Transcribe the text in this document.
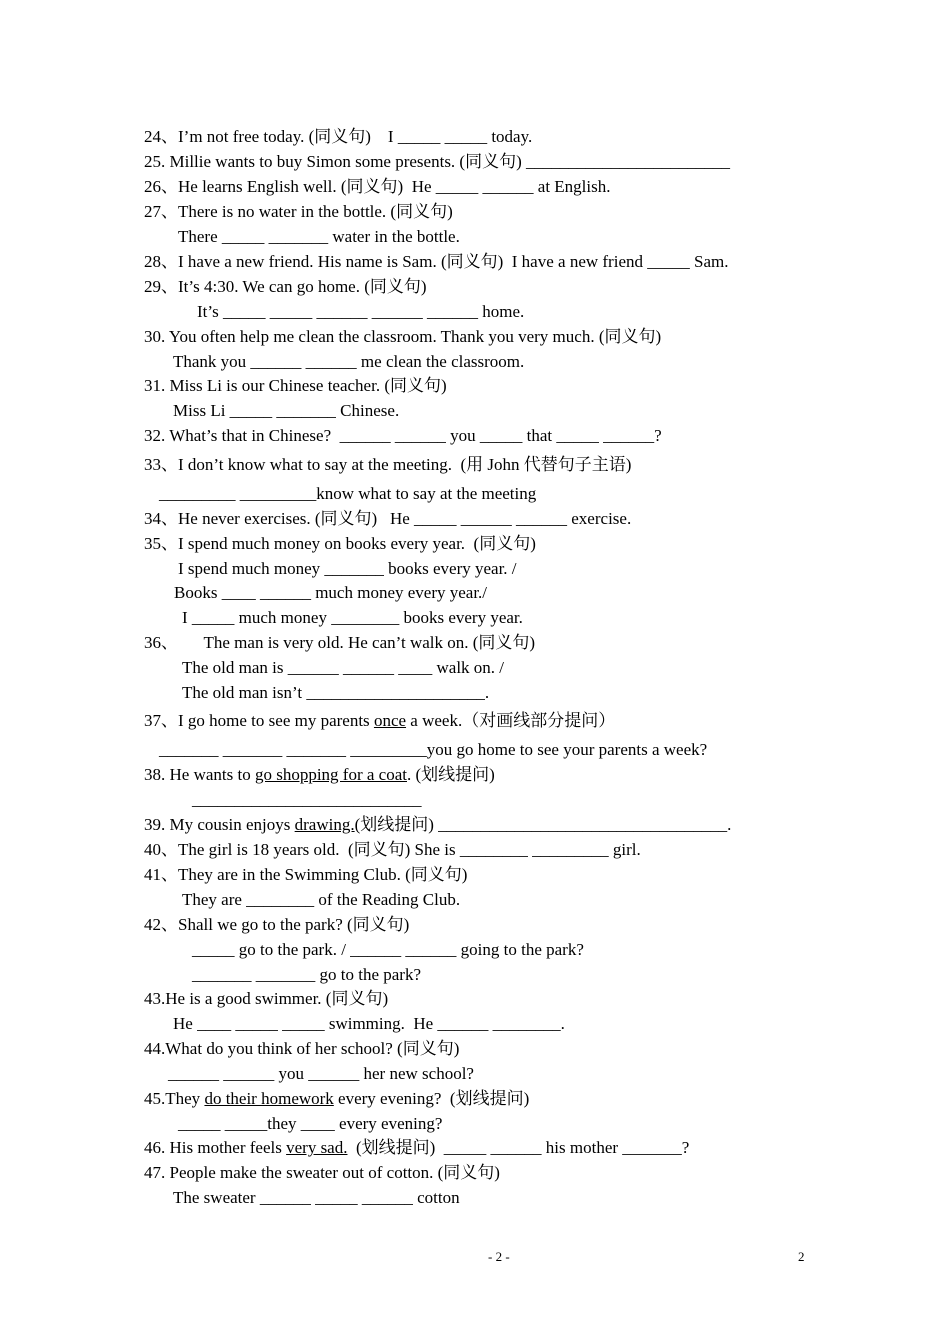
24、I’m not free today. (同义句)    I _____ _____ today.
25. Millie wants to buy Simon some presents. (同义句) ________________________
26、He learns English well. (同义句)  He _____ ______ at English.
27、There is no water in the bottle. (同义句)
There _____ _______ water in the bottle.
28、I have a new friend. His name is Sam. (同义句)  I have a new friend _____ Sam.
29、It’s 4:30. We can go home. (同义句)
It’s _____ _____ ______ ______ ______ home.
30. You often help me clean the classroom. Thank you very much. (同义句)
Thank you ______ ______ me clean the classroom.
31. Miss Li is our Chinese teacher. (同义句)
Miss Li _____ _______ Chinese.
32. What’s that in Chinese?  ______ ______ you _____ that _____ ______?
33、I don’t know what to say at the meeting.  (用 John 代替句子主语)
_________ _________know what to say at the meeting
34、He never exercises. (同义句)   He _____ ______ ______ exercise.
35、I spend much money on books every year.  (同义句)
I spend much money _______ books every year. /
Books ____ ______ much money every year./
I _____ much money ________ books every year.
36、      The man is very old. He can’t walk on. (同义句)
The old man is ______ ______ ____ walk on. /
The old man isn’t _____________________.
37、I go home to see my parents once a week.（对画线部分提问）
_______ _______ _______ _________you go home to see your parents a week?
38. He wants to go shopping for a coat. (划线提问)
___________________________
39. My cousin enjoys drawing.(划线提问) __________________________________.
40、The girl is 18 years old.  (同义句) She is ________ _________ girl.
41、They are in the Swimming Club. (同义句)
They are ________ of the Reading Club.
42、Shall we go to the park? (同义句)
_____ go to the park. / ______ ______ going to the park?
_______ _______ go to the park?
43.He is a good swimmer. (同义句)
He ____ _____ _____ swimming.  He ______ ________.
44.What do you think of her school? (同义句)
______ ______ you ______ her new school?
45.They do their homework every evening?  (划线提问)
_____ _____they ____ every evening?
46. His mother feels very sad.  (划线提问)  _____ ______ his mother _______?
47. People make the sweater out of cotton. (同义句)
The sweater ______ _____ ______ cotton
- 2 -	2
